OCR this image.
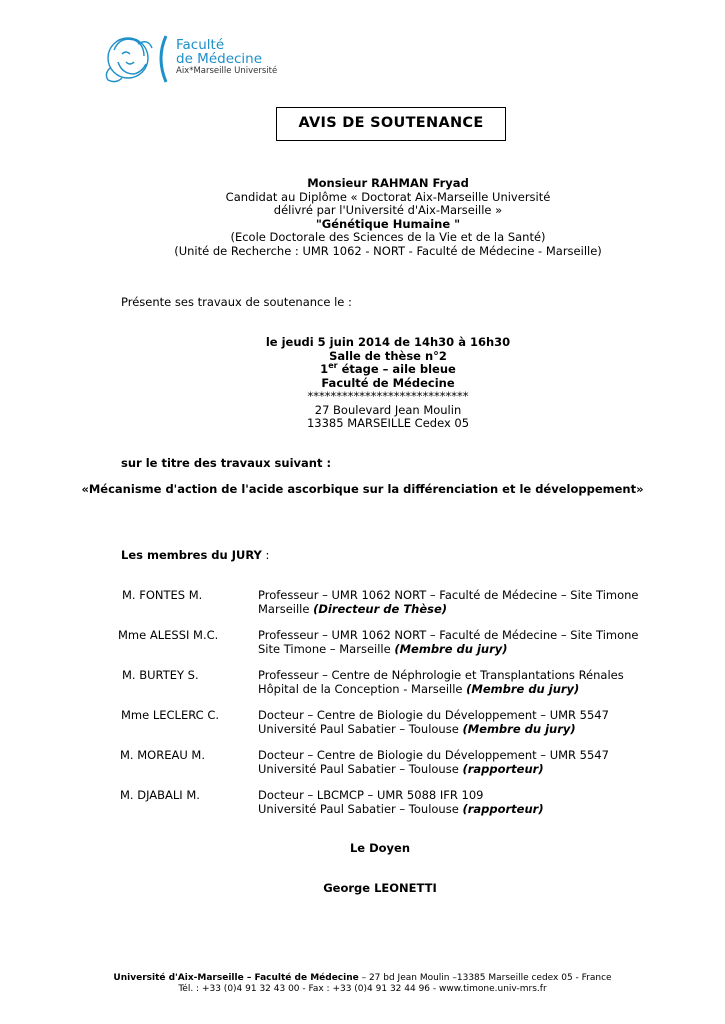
Faculté
de Médecine
Aix*Marseille Université
AVIS DE SOUTENANCE
Monsieur RAHMAN Fryad
Candidat au Diplôme « Doctorat Aix-Marseille Université
délivré par l'Université d'Aix-Marseille »
"Génétique Humaine "
(Ecole Doctorale des Sciences de la Vie et de la Santé)
(Unité de Recherche : UMR 1062 - NORT - Faculté de Médecine - Marseille)
Présente ses travaux de soutenance le :
le jeudi 5 juin 2014 de 14h30 à 16h30
Salle de thèse n°2
1er étage – aile bleue
Faculté de Médecine
****************************
27 Boulevard Jean Moulin
13385 MARSEILLE Cedex 05
sur le titre des travaux suivant :
«Mécanisme d'action de l'acide ascorbique sur la différenciation et le développement»
Les membres du JURY :
M. FONTES M.	Professeur – UMR 1062 NORT – Faculté de Médecine – Site Timone
Marseille (Directeur de Thèse)
Mme ALESSI M.C.	Professeur – UMR 1062 NORT – Faculté de Médecine – Site Timone
Site Timone – Marseille (Membre du jury)
M. BURTEY S.	Professeur – Centre de Néphrologie et Transplantations Rénales
Hôpital de la Conception - Marseille (Membre du jury)
Mme LECLERC C.	Docteur – Centre de Biologie du Développement – UMR 5547
Université Paul Sabatier – Toulouse (Membre du jury)
M. MOREAU M.	Docteur – Centre de Biologie du Développement – UMR 5547
Université Paul Sabatier – Toulouse (rapporteur)
M. DJABALI M.	Docteur – LBCMCP – UMR 5088 IFR 109
Université Paul Sabatier – Toulouse (rapporteur)
Le Doyen
George LEONETTI
Université d'Aix-Marseille – Faculté de Médecine – 27 bd Jean Moulin –13385 Marseille cedex 05 - France
Tél. : +33 (0)4 91 32 43 00 - Fax : +33 (0)4 91 32 44 96 - www.timone.univ-mrs.fr
